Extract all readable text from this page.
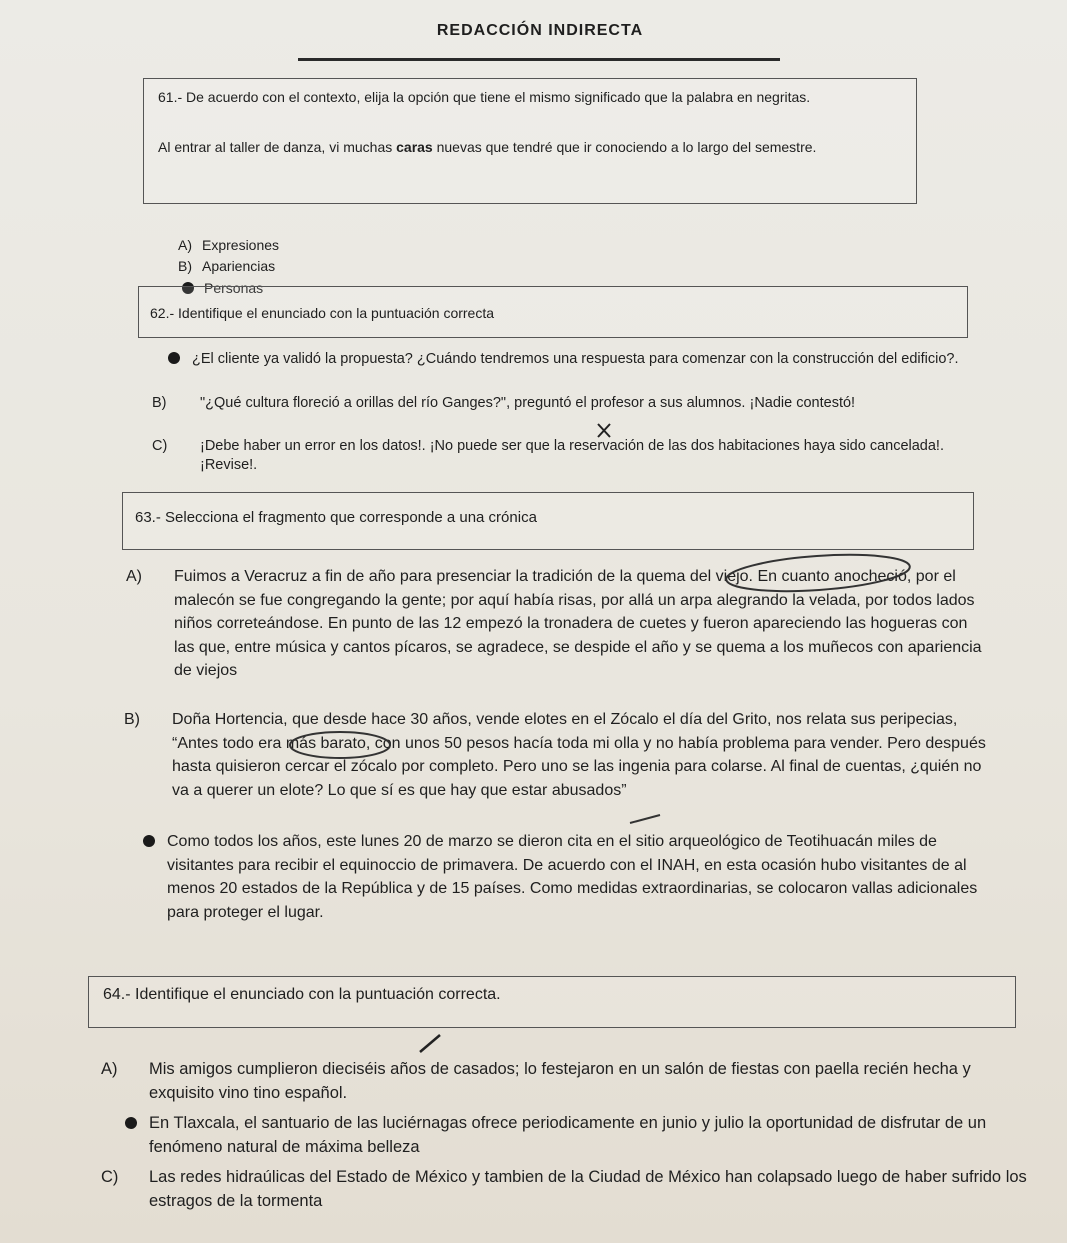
REDACCIÓN INDIRECTA
61.- De acuerdo con el contexto, elija la opción que tiene el mismo significado que la palabra en negritas.
Al entrar al taller de danza, vi muchas caras nuevas que tendré que ir conociendo a lo largo del semestre.
A) Expresiones
B) Apariencias
Personas
62.- Identifique el enunciado con la puntuación correcta
¿El cliente ya validó la propuesta? ¿Cuándo tendremos una respuesta para comenzar con la construcción del edificio?.
B) "¿Qué cultura floreció a orillas del río Ganges?", preguntó el profesor a sus alumnos. ¡Nadie contestó!
C) ¡Debe haber un error en los datos!. ¡No puede ser que la reservación de las dos habitaciones haya sido cancelada!. ¡Revise!.
63.- Selecciona el fragmento que corresponde a una crónica
A) Fuimos a Veracruz a fin de año para presenciar la tradición de la quema del viejo. En cuanto anocheció, por el malecón se fue congregando la gente; por aquí había risas, por allá un arpa alegrando la velada, por todos lados niños correteándose. En punto de las 12 empezó la tronadera de cuetes y fueron apareciendo las hogueras con las que, entre música y cantos pícaros, se agradece, se despide el año y se quema a los muñecos con apariencia de viejos
B) Doña Hortencia, que desde hace 30 años, vende elotes en el Zócalo el día del Grito, nos relata sus peripecias, “Antes todo era más barato, con unos 50 pesos hacía toda mi olla y no había problema para vender. Pero después hasta quisieron cercar el zócalo por completo. Pero uno se las ingenia para colarse. Al final de cuentas, ¿quién no va a querer un elote? Lo que sí es que hay que estar abusados”
Como todos los años, este lunes 20 de marzo se dieron cita en el sitio arqueológico de Teotihuacán miles de visitantes para recibir el equinoccio de primavera. De acuerdo con el INAH, en esta ocasión hubo visitantes de al menos 20 estados de la República y de 15 países. Como medidas extraordinarias, se colocaron vallas adicionales para proteger el lugar.
64.- Identifique el enunciado con la puntuación correcta.
A) Mis amigos cumplieron dieciséis años de casados; lo festejaron en un salón de fiestas con paella recién hecha y exquisito vino tino español.
En Tlaxcala, el santuario de las luciérnagas ofrece periodicamente en junio y julio la oportunidad de disfrutar de un fenómeno natural de máxima belleza
C) Las redes hidraúlicas del Estado de México y tambien de la Ciudad de México han colapsado luego de haber sufrido los estragos de la tormenta
